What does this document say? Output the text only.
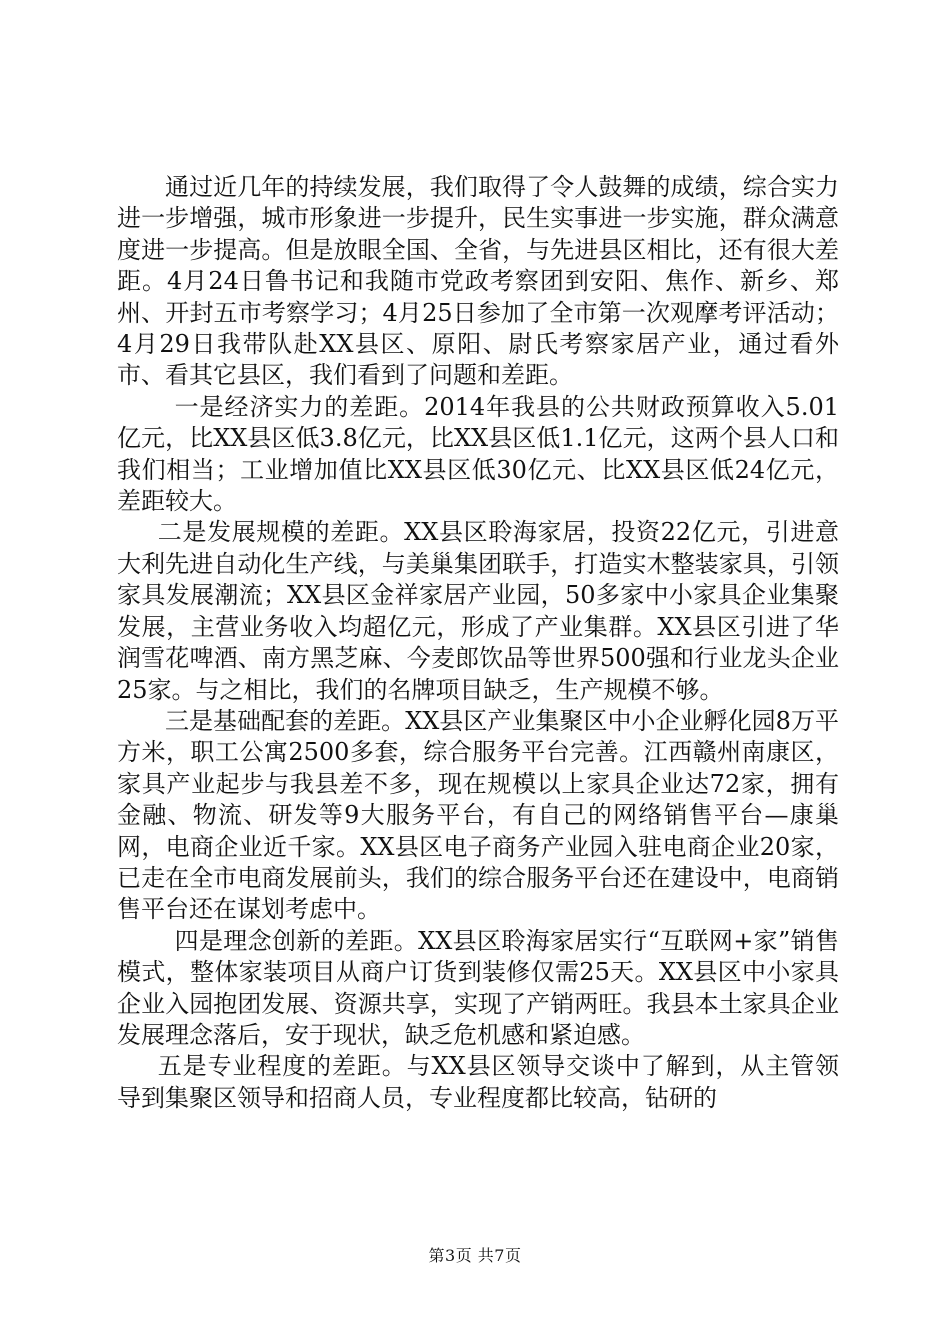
通过近几年的持续发展，我们取得了令人鼓舞的成绩，综合实力进一步增强，城市形象进一步提升，民生实事进一步实施，群众满意度进一步提高。但是放眼全国、全省，与先进县区相比，还有很大差距。4月24日鲁书记和我随市党政考察团到安阳、焦作、新乡、郑州、开封五市考察学习；4月25日参加了全市第一次观摩考评活动；4月29日我带队赴XX县区、原阳、尉氏考察家居产业，通过看外市、看其它县区，我们看到了问题和差距。

一是经济实力的差距。2014年我县的公共财政预算收入5.01亿元，比XX县区低3.8亿元，比XX县区低1.1亿元，这两个县人口和我们相当；工业增加值比XX县区低30亿元、比XX县区低24亿元，差距较大。

二是发展规模的差距。XX县区聆海家居，投资22亿元，引进意大利先进自动化生产线，与美巢集团联手，打造实木整装家具，引领家具发展潮流；XX县区金祥家居产业园，50多家中小家具企业集聚发展，主营业务收入均超亿元，形成了产业集群。XX县区引进了华润雪花啤酒、南方黑芝麻、今麦郎饮品等世界500强和行业龙头企业25家。与之相比，我们的名牌项目缺乏，生产规模不够。

三是基础配套的差距。XX县区产业集聚区中小企业孵化园8万平方米，职工公寓2500多套，综合服务平台完善。江西赣州南康区，家具产业起步与我县差不多，现在规模以上家具企业达72家，拥有金融、物流、研发等9大服务平台，有自己的网络销售平台—康巢网，电商企业近千家。XX县区电子商务产业园入驻电商企业20家，已走在全市电商发展前头，我们的综合服务平台还在建设中，电商销售平台还在谋划考虑中。

四是理念创新的差距。XX县区聆海家居实行“互联网+家”销售模式，整体家装项目从商户订货到装修仅需25天。XX县区中小家具企业入园抱团发展、资源共享，实现了产销两旺。我县本土家具企业发展理念落后，安于现状，缺乏危机感和紧迫感。

五是专业程度的差距。与XX县区领导交谈中了解到，从主管领导到集聚区领导和招商人员，专业程度都比较高，钻研的

第3页 共7页
